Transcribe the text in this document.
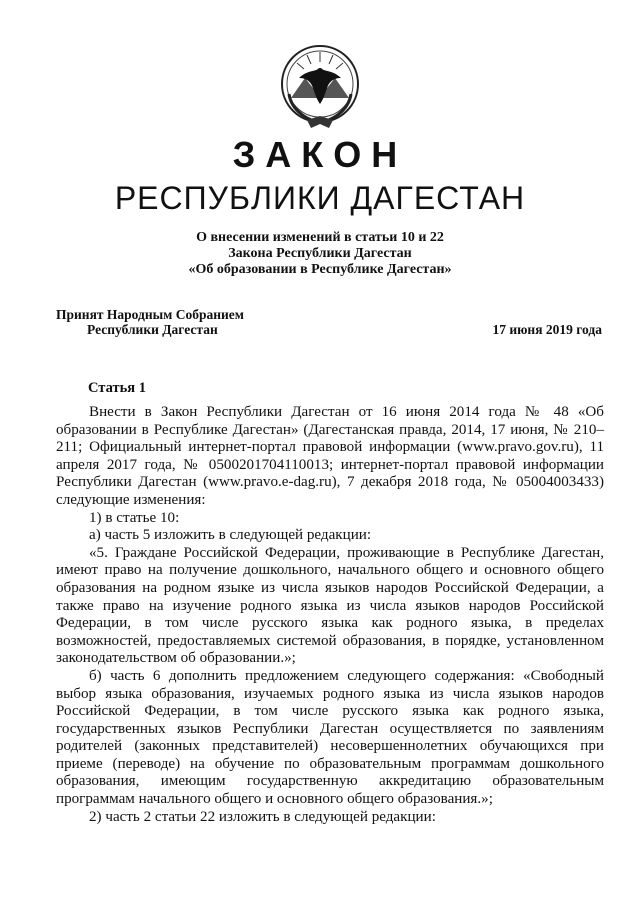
ЗАКОН
РЕСПУБЛИКИ ДАГЕСТАН
О внесении изменений в статьи 10 и 22
Закона Республики Дагестан
«Об образовании в Республике Дагестан»
Принят Народным Собранием
Республики Дагестан	17 июня 2019 года
Статья 1

Внести в Закон Республики Дагестан от 16 июня 2014 года № 48 «Об образовании в Республике Дагестан» (Дагестанская правда, 2014, 17 июня, № 210–211; Официальный интернет-портал правовой информации (www.pravo.gov.ru), 11 апреля 2017 года, № 0500201704110013; интернет-портал правовой информации Республики Дагестан (www.pravo.e-dag.ru), 7 декабря 2018 года, № 05004003433) следующие изменения:

1) в статье 10:

а) часть 5 изложить в следующей редакции:

«5. Граждане Российской Федерации, проживающие в Республике Дагестан, имеют право на получение дошкольного, начального общего и основного общего образования на родном языке из числа языков народов Российской Федерации, а также право на изучение родного языка из числа языков народов Российской Федерации, в том числе русского языка как родного языка, в пределах возможностей, предоставляемых системой образования, в порядке, установленном законодательством об образовании.»;

б) часть 6 дополнить предложением следующего содержания: «Свободный выбор языка образования, изучаемых родного языка из числа языков народов Российской Федерации, в том числе русского языка как родного языка, государственных языков Республики Дагестан осуществляется по заявлениям родителей (законных представителей) несовершеннолетних обучающихся при приеме (переводе) на обучение по образовательным программам дошкольного образования, имеющим государственную аккредитацию образовательным программам начального общего и основного общего образования.»;

2) часть 2 статьи 22 изложить в следующей редакции:
